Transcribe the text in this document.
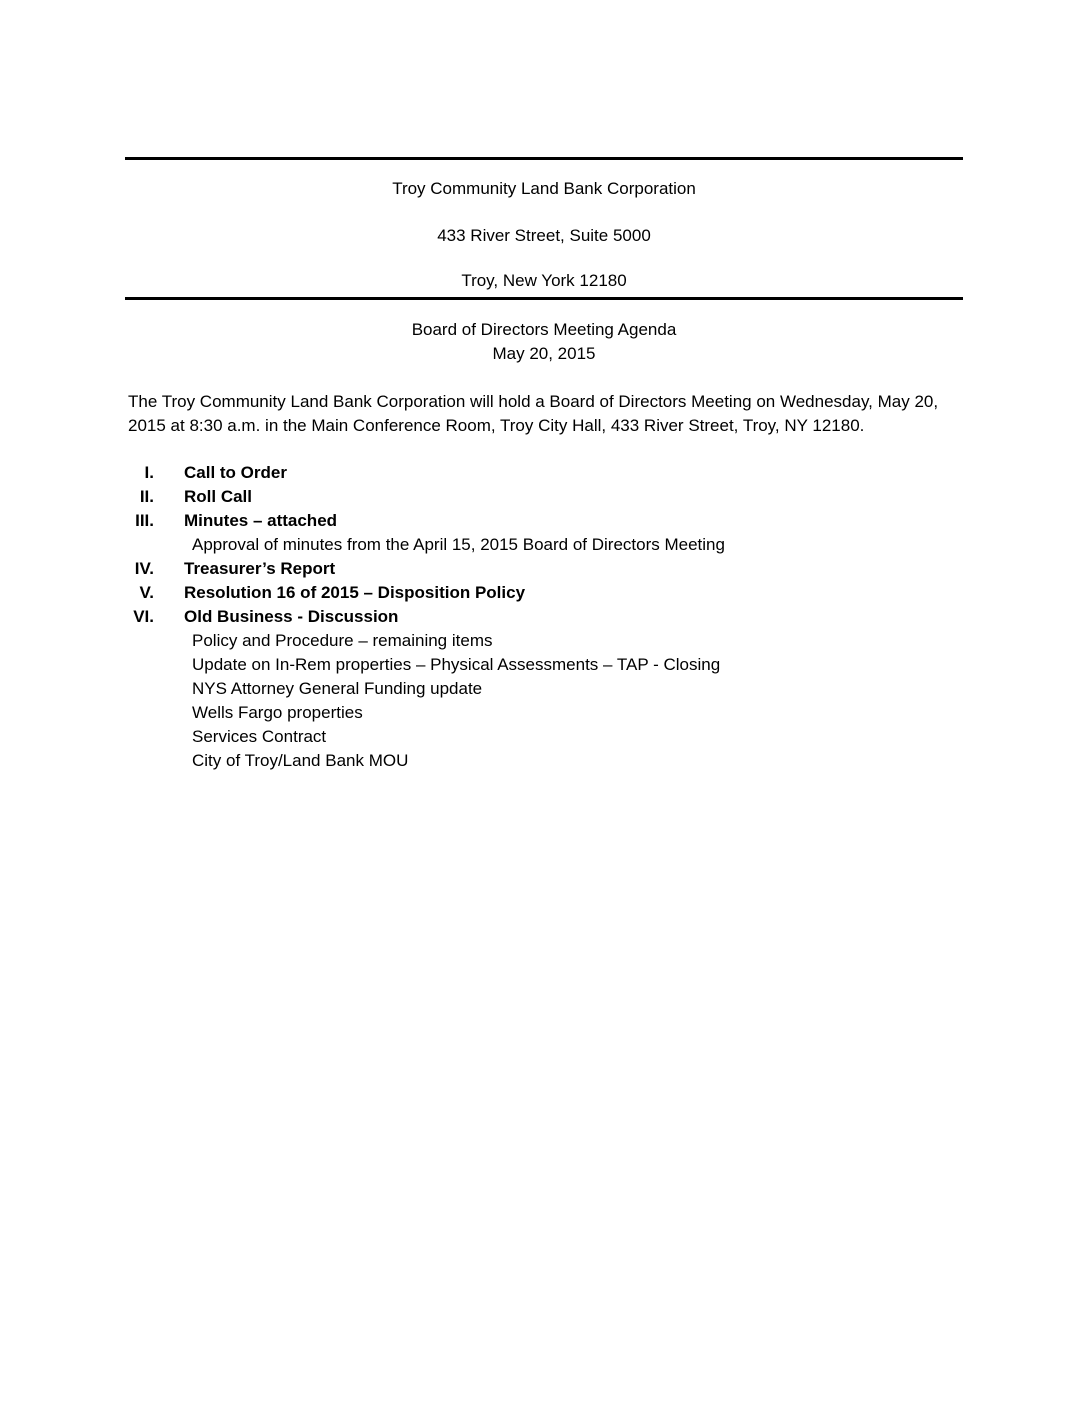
Troy Community Land Bank Corporation
433 River Street, Suite 5000
Troy, New York 12180
Board of Directors Meeting Agenda
May 20, 2015
The Troy Community Land Bank Corporation will hold a Board of Directors Meeting on Wednesday, May 20, 2015 at 8:30 a.m. in the Main Conference Room, Troy City Hall, 433 River Street, Troy, NY 12180.
I. Call to Order
II. Roll Call
III. Minutes – attached
Approval of minutes from the April 15, 2015 Board of Directors Meeting
IV. Treasurer’s Report
V. Resolution 16 of 2015 – Disposition Policy
VI. Old Business - Discussion
Policy and Procedure – remaining items
Update on In-Rem properties – Physical Assessments – TAP - Closing
NYS Attorney General Funding update
Wells Fargo properties
Services Contract
City of Troy/Land Bank MOU
